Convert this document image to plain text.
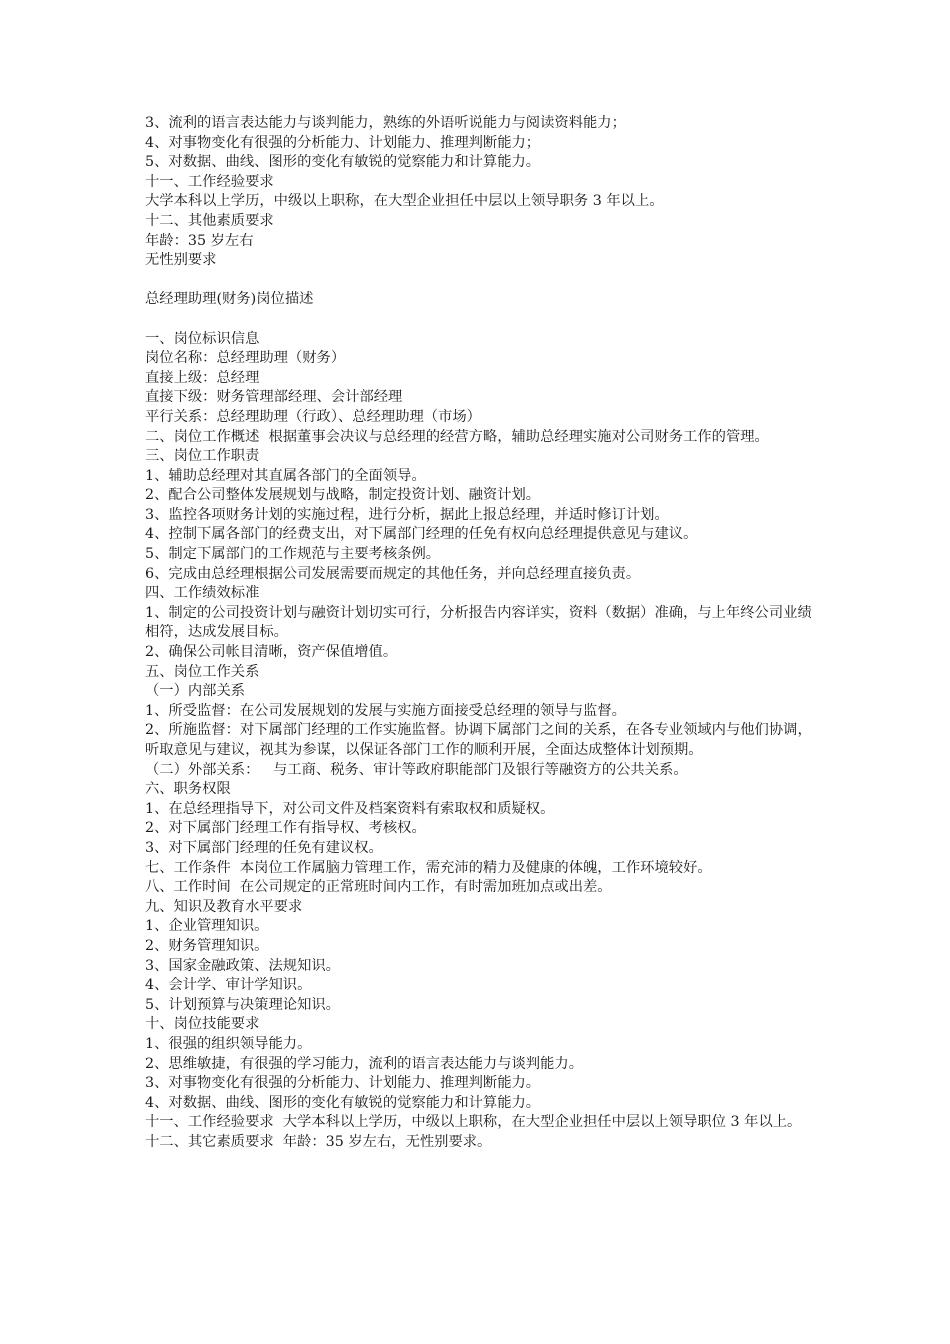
3、流利的语言表达能力与谈判能力，熟练的外语听说能力与阅读资料能力；

4、对事物变化有很强的分析能力、计划能力、推理判断能力；

5、对数据、曲线、图形的变化有敏锐的觉察能力和计算能力。

十一、工作经验要求

大学本科以上学历，中级以上职称，在大型企业担任中层以上领导职务 3 年以上。

十二、其他素质要求

年龄：35 岁左右

无性别要求

总经理助理(财务)岗位描述

一、岗位标识信息

岗位名称：总经理助理（财务）

直接上级：总经理

直接下级：财务管理部经理、会计部经理

平行关系：总经理助理（行政）、总经理助理（市场）

二、岗位工作概述  根据董事会决议与总经理的经营方略，辅助总经理实施对公司财务工作的管理。

三、岗位工作职责

1、辅助总经理对其直属各部门的全面领导。

2、配合公司整体发展规划与战略，制定投资计划、融资计划。

3、监控各项财务计划的实施过程，进行分析，据此上报总经理，并适时修订计划。

4、控制下属各部门的经费支出，对下属部门经理的任免有权向总经理提供意见与建议。

5、制定下属部门的工作规范与主要考核条例。

6、完成由总经理根据公司发展需要而规定的其他任务，并向总经理直接负责。

四、工作绩效标准

1、制定的公司投资计划与融资计划切实可行，分析报告内容详实，资料（数据）准确，与上年终公司业绩相符，达成发展目标。

2、确保公司帐目清晰，资产保值增值。

五、岗位工作关系

（一）内部关系

1、所受监督：在公司发展规划的发展与实施方面接受总经理的领导与监督。

2、所施监督：对下属部门经理的工作实施监督。协调下属部门之间的关系，在各专业领域内与他们协调，听取意见与建议，视其为参谋，以保证各部门工作的顺利开展，全面达成整体计划预期。

（二）外部关系：   与工商、税务、审计等政府职能部门及银行等融资方的公共关系。

六、职务权限

1、在总经理指导下，对公司文件及档案资料有索取权和质疑权。

2、对下属部门经理工作有指导权、考核权。

3、对下属部门经理的任免有建议权。

七、工作条件  本岗位工作属脑力管理工作，需充沛的精力及健康的体魄，工作环境较好。

八、工作时间  在公司规定的正常班时间内工作，有时需加班加点或出差。

九、知识及教育水平要求

1、企业管理知识。

2、财务管理知识。

3、国家金融政策、法规知识。

4、会计学、审计学知识。

5、计划预算与决策理论知识。

十、岗位技能要求

1、很强的组织领导能力。

2、思维敏捷，有很强的学习能力，流利的语言表达能力与谈判能力。

3、对事物变化有很强的分析能力、计划能力、推理判断能力。

4、对数据、曲线、图形的变化有敏锐的觉察能力和计算能力。

十一、工作经验要求  大学本科以上学历，中级以上职称，在大型企业担任中层以上领导职位 3 年以上。

十二、其它素质要求  年龄：35 岁左右，无性别要求。
